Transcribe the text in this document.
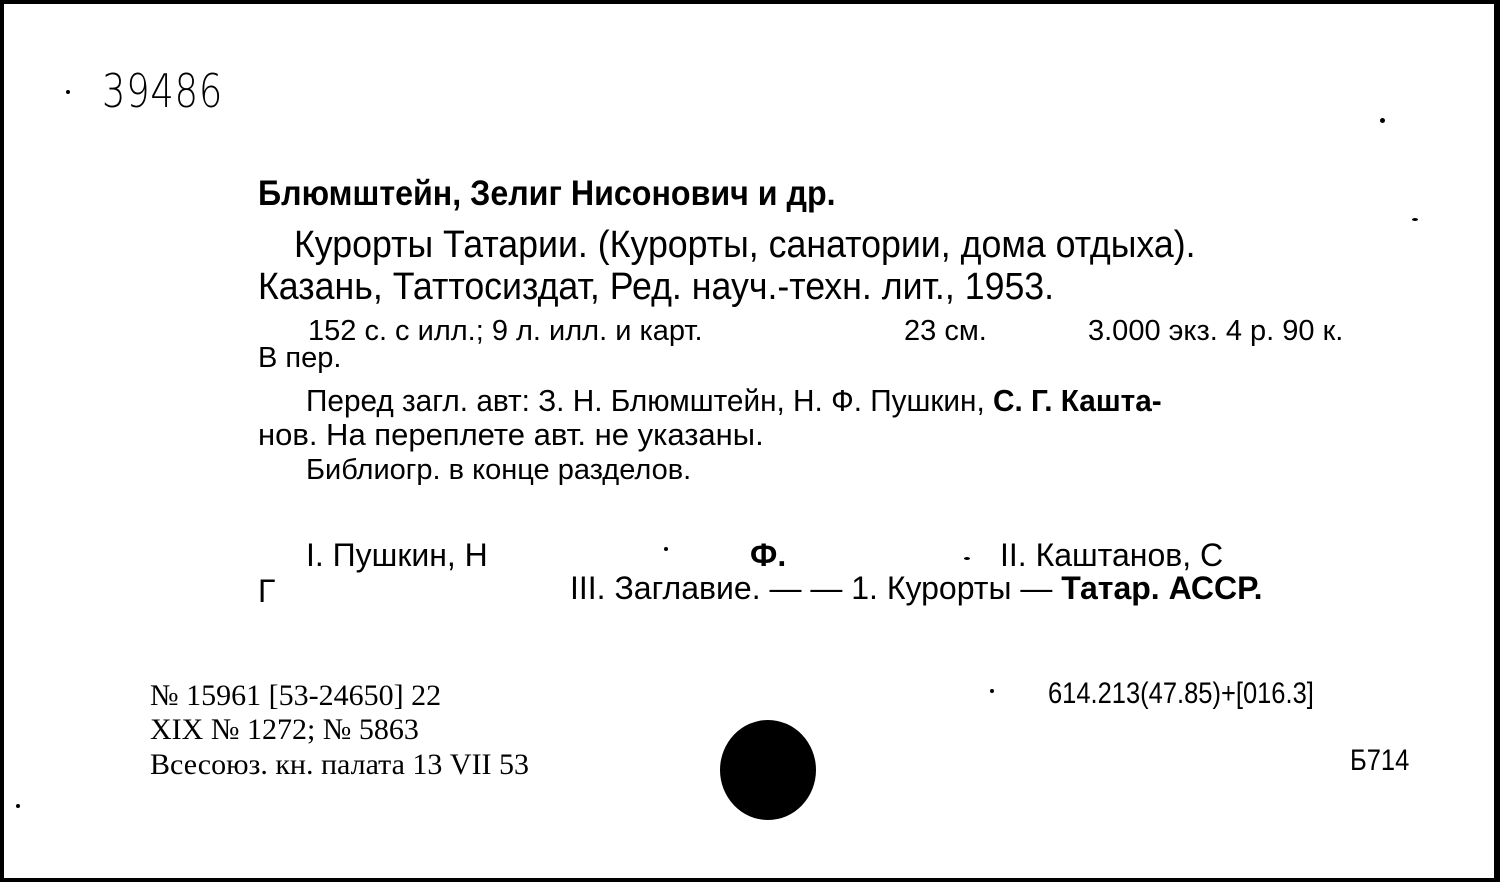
39486
Блюмштейн, Зелиг Нисонович и др.
Курорты Татарии. (Курорты, санатории, дома отдыха).
Казань, Таттосиздат, Ред. науч.-техн. лит., 1953.
152 с. с илл.; 9 л. илл. и карт.	23 см.	3.000 экз. 4 р. 90 к.
В пер.
Перед загл. авт: З. Н. Блюмштейн, Н. Ф. Пушкин, С. Г. Кашта-
нов. На переплете авт. не указаны.
Библиогр. в конце разделов.
I. Пушкин, Н	Ф.	II. Каштанов, С
Г	III. Заглавие. — — 1. Курорты — Татар. АССР.
№ 15961 [53-24650] 22
XIX № 1272; № 5863
Всесоюз. кн. палата 13 VII 53
614.213(47.85)+[016.3]
Б714
